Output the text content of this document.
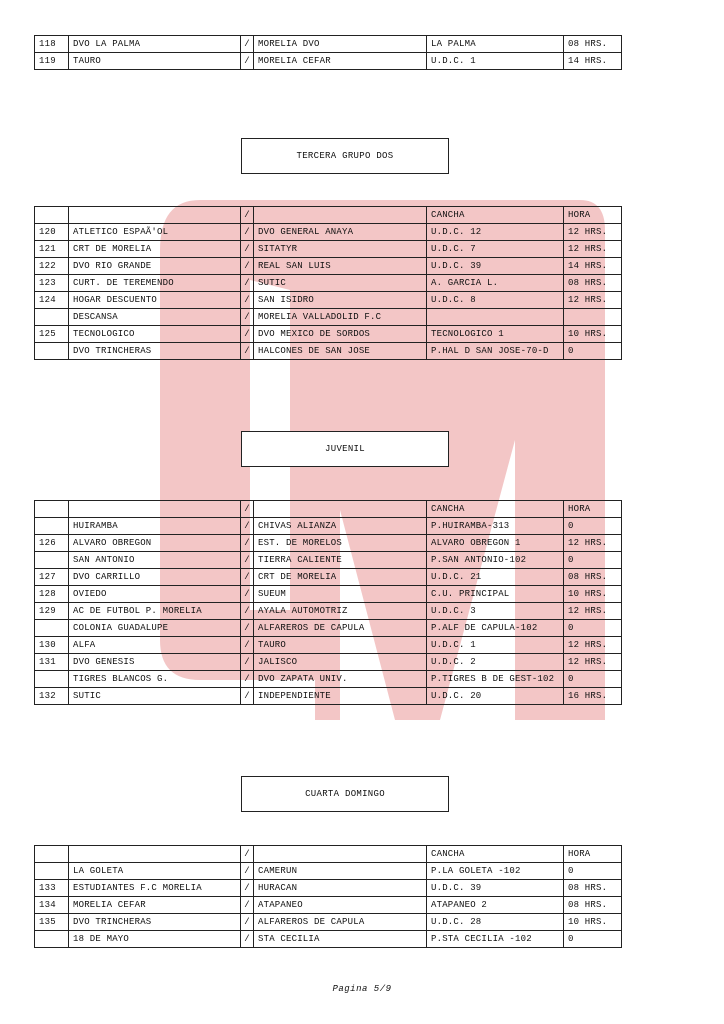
118	DVO LA PALMA	/	MORELIA DVO	LA PALMA	08 HRS.
119	TAURO	/	MORELIA CEFAR	U.D.C. 1	14 HRS.
TERCERA GRUPO DOS
		/		CANCHA	HORA
120	ATLETICO ESPAÃ'OL	/	DVO GENERAL ANAYA	U.D.C. 12	12 HRS.
121	CRT DE MORELIA	/	SITATYR	U.D.C. 7	12 HRS.
122	DVO RIO GRANDE	/	REAL SAN LUIS	U.D.C. 39	14 HRS.
123	CURT. DE TEREMENDO	/	SUTIC	A. GARCIA L.	08 HRS.
124	HOGAR DESCUENTO	/	SAN ISIDRO	U.D.C. 8	12 HRS.
	DESCANSA	/	MORELIA VALLADOLID F.C		
125	TECNOLOGICO	/	DVO MEXICO DE SORDOS	TECNOLOGICO 1	10 HRS.
	DVO TRINCHERAS	/	HALCONES DE SAN JOSE	P.HAL D SAN JOSE-70-D	0
JUVENIL
		/		CANCHA	HORA
	HUIRAMBA	/	CHIVAS ALIANZA	P.HUIRAMBA-313	0
126	ALVARO OBREGON	/	EST. DE MORELOS	ALVARO OBREGON 1	12 HRS.
	SAN ANTONIO	/	TIERRA CALIENTE	P.SAN ANTONIO-102	0
127	DVO CARRILLO	/	CRT DE MORELIA	U.D.C. 21	08 HRS.
128	OVIEDO	/	SUEUM	C.U. PRINCIPAL	10 HRS.
129	AC DE FUTBOL P. MORELIA	/	AYALA AUTOMOTRIZ	U.D.C. 3	12 HRS.
	COLONIA GUADALUPE	/	ALFAREROS DE CAPULA	P.ALF DE CAPULA-102	0
130	ALFA	/	TAURO	U.D.C. 1	12 HRS.
131	DVO GENESIS	/	JALISCO	U.D.C. 2	12 HRS.
	TIGRES BLANCOS G.	/	DVO ZAPATA UNIV.	P.TIGRES B DE GEST-102	0
132	SUTIC	/	INDEPENDIENTE	U.D.C. 20	16 HRS.
CUARTA DOMINGO
		/		CANCHA	HORA
	LA GOLETA	/	CAMERUN	P.LA GOLETA -102	0
133	ESTUDIANTES F.C MORELIA	/	HURACAN	U.D.C. 39	08 HRS.
134	MORELIA CEFAR	/	ATAPANEO	ATAPANEO 2	08 HRS.
135	DVO TRINCHERAS	/	ALFAREROS DE CAPULA	U.D.C. 28	10 HRS.
	18 DE MAYO	/	STA CECILIA	P.STA CECILIA -102	0
Pagina 5/9
